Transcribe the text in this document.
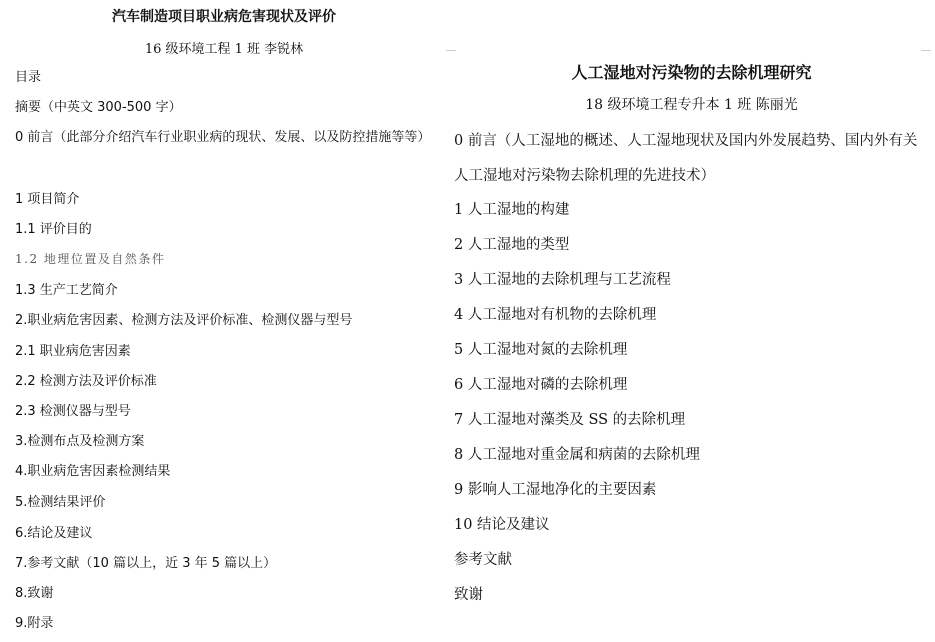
汽车制造项目职业病危害现状及评价
16 级环境工程 1 班 李锐林

目录

摘要（中英文 300-500 字）

0 前言（此部分介绍汽车行业职业病的现状、发展、以及防控措施等等）

1 项目简介

1.1 评价目的

1.2 地理位置及自然条件

1.3 生产工艺简介

2.职业病危害因素、检测方法及评价标准、检测仪器与型号

2.1 职业病危害因素

2.2 检测方法及评价标准

2.3 检测仪器与型号

3.检测布点及检测方案

4.职业病危害因素检测结果

5.检测结果评价

6.结论及建议

7.参考文献（10 篇以上，近 3 年 5 篇以上）

8.致谢

9.附录

人工湿地对污染物的去除机理研究
18 级环境工程专升本 1 班 陈丽光

0 前言（人工湿地的概述、人工湿地现状及国内外发展趋势、国内外有关人工湿地对污染物去除机理的先进技术）

1 人工湿地的构建

2 人工湿地的类型

3 人工湿地的去除机理与工艺流程

4 人工湿地对有机物的去除机理

5 人工湿地对氮的去除机理

6 人工湿地对磷的去除机理

7 人工湿地对藻类及 SS 的去除机理

8 人工湿地对重金属和病菌的去除机理

9 影响人工湿地净化的主要因素

10 结论及建议

参考文献

致谢
